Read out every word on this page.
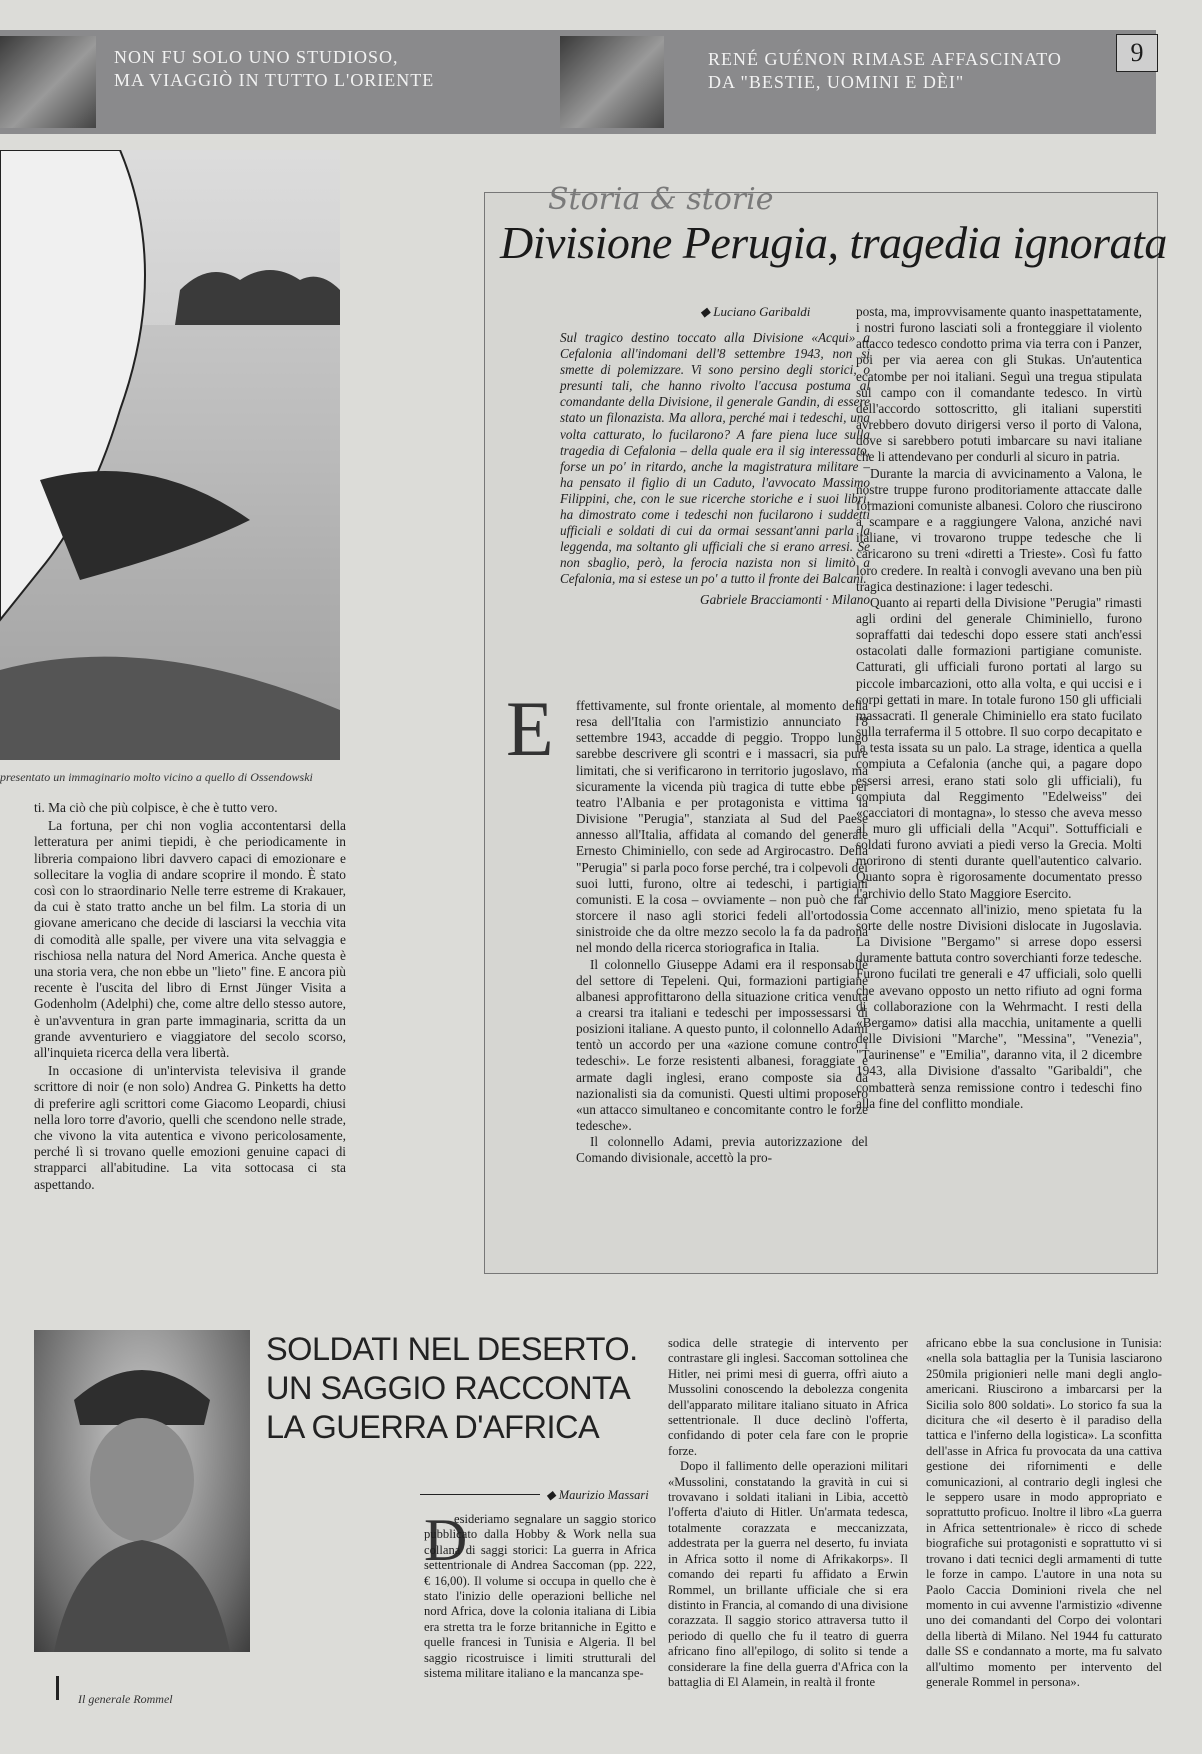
NON FU SOLO UNO STUDIOSO,
MA VIAGGIÒ IN TUTTO L'ORIENTE
RENÉ GUÉNON RIMASE AFFASCINATO
DA "BESTIE, UOMINI E DÈI"
9
presentato un immaginario molto vicino a quello di Ossendowski

ti. Ma ciò che più colpisce, è che è tutto vero.

La fortuna, per chi non voglia accontentarsi della letteratura per animi tiepidi, è che periodicamente in libreria compaiono libri davvero capaci di emozionare e sollecitare la voglia di andare scoprire il mondo. È stato così con lo straordinario Nelle terre estreme di Krakauer, da cui è stato tratto anche un bel film. La storia di un giovane americano che decide di lasciarsi la vecchia vita di comodità alle spalle, per vivere una vita selvaggia e rischiosa nella natura del Nord America. Anche questa è una storia vera, che non ebbe un "lieto" fine. E ancora più recente è l'uscita del libro di Ernst Jünger Visita a Godenholm (Adelphi) che, come altre dello stesso autore, è un'avventura in gran parte immaginaria, scritta da un grande avventuriero e viaggiatore del secolo scorso, all'inquieta ricerca della vera libertà.

In occasione di un'intervista televisiva il grande scrittore di noir (e non solo) Andrea G. Pinketts ha detto di preferire agli scrittori come Giacomo Leopardi, chiusi nella loro torre d'avorio, quelli che scendono nelle strade, che vivono la vita autentica e vivono pericolosamente, perché lì si trovano quelle emozioni genuine capaci di strapparci all'abitudine. La vita sottocasa ci sta aspettando.

Storia & storie
Divisione Perugia, tragedia ignorata
◆ Luciano Garibaldi
Sul tragico destino toccato alla Divisione «Acqui» a Cefalonia all'indomani dell'8 settembre 1943, non si smette di polemizzare. Vi sono persino degli storici, o presunti tali, che hanno rivolto l'accusa postuma al comandante della Divisione, il generale Gandin, di essere stato un filonazista. Ma allora, perché mai i tedeschi, una volta catturato, lo fucilarono? A fare piena luce sulla tragedia di Cefalonia – della quale era il sig interessato, forse un po' in ritardo, anche la magistratura militare – ha pensato il figlio di un Caduto, l'avvocato Massimo Filippini, che, con le sue ricerche storiche e i suoi libri, ha dimostrato come i tedeschi non fucilarono i suddetti ufficiali e soldati di cui da ormai sessant'anni parla la leggenda, ma soltanto gli ufficiali che si erano arresi. Se non sbaglio, però, la ferocia nazista non si limitò a Cefalonia, ma si estese un po' a tutto il fronte dei Balcani.
Gabriele Bracciamonti · Milano
E ffettivamente, sul fronte orientale, al momento della resa dell'Italia con l'armistizio annunciato l'8 settembre 1943, accadde di peggio. Troppo lungo sarebbe descrivere gli scontri e i massacri, sia pure limitati, che si verificarono in territorio jugoslavo, ma sicuramente la vicenda più tragica di tutte ebbe per teatro l'Albania e per protagonista e vittima la Divisione "Perugia", stanziata al Sud del Paese annesso all'Italia, affidata al comando del generale Ernesto Chiminiello, con sede ad Argirocastro. Della "Perugia" si parla poco forse perché, tra i colpevoli dei suoi lutti, furono, oltre ai tedeschi, i partigiani comunisti. E la cosa – ovviamente – non può che far storcere il naso agli storici fedeli all'ortodossia sinistroide che da oltre mezzo secolo la fa da padrona nel mondo della ricerca storiografica in Italia.

Il colonnello Giuseppe Adami era il responsabile del settore di Tepeleni. Qui, formazioni partigiane albanesi approfittarono della situazione critica venuta a crearsi tra italiani e tedeschi per impossessarsi di posizioni italiane. A questo punto, il colonnello Adami tentò un accordo per una «azione comune contro i tedeschi». Le forze resistenti albanesi, foraggiate e armate dagli inglesi, erano composte sia da nazionalisti sia da comunisti. Questi ultimi proposero «un attacco simultaneo e concomitante contro le forze tedesche».

Il colonnello Adami, previa autorizzazione del Comando divisionale, accettò la pro-

posta, ma, improvvisamente quanto inaspettatamente, i nostri furono lasciati soli a fronteggiare il violento attacco tedesco condotto prima via terra con i Panzer, poi per via aerea con gli Stukas. Un'autentica ecatombe per noi italiani. Seguì una tregua stipulata sul campo con il comandante tedesco. In virtù dell'accordo sottoscritto, gli italiani superstiti avrebbero dovuto dirigersi verso il porto di Valona, dove si sarebbero potuti imbarcare su navi italiane che li attendevano per condurli al sicuro in patria.

Durante la marcia di avvicinamento a Valona, le nostre truppe furono proditoriamente attaccate dalle formazioni comuniste albanesi. Coloro che riuscirono a scampare e a raggiungere Valona, anziché navi italiane, vi trovarono truppe tedesche che li caricarono su treni «diretti a Trieste». Così fu fatto loro credere. In realtà i convogli avevano una ben più tragica destinazione: i lager tedeschi.

Quanto ai reparti della Divisione "Perugia" rimasti agli ordini del generale Chiminiello, furono sopraffatti dai tedeschi dopo essere stati anch'essi ostacolati dalle formazioni partigiane comuniste. Catturati, gli ufficiali furono portati al largo su piccole imbarcazioni, otto alla volta, e qui uccisi e i corpi gettati in mare. In totale furono 150 gli ufficiali massacrati. Il generale Chiminiello era stato fucilato sulla terraferma il 5 ottobre. Il suo corpo decapitato e la testa issata su un palo. La strage, identica a quella compiuta a Cefalonia (anche qui, a pagare dopo essersi arresi, erano stati solo gli ufficiali), fu compiuta dal Reggimento "Edelweiss" dei «cacciatori di montagna», lo stesso che aveva messo al muro gli ufficiali della "Acqui". Sottufficiali e soldati furono avviati a piedi verso la Grecia. Molti morirono di stenti durante quell'autentico calvario. Quanto sopra è rigorosamente documentato presso l'archivio dello Stato Maggiore Esercito.

Come accennato all'inizio, meno spietata fu la sorte delle nostre Divisioni dislocate in Jugoslavia. La Divisione "Bergamo" si arrese dopo essersi duramente battuta contro soverchianti forze tedesche. Furono fucilati tre generali e 47 ufficiali, solo quelli che avevano opposto un netto rifiuto ad ogni forma di collaborazione con la Wehrmacht. I resti della «Bergamo» datisi alla macchia, unitamente a quelli delle Divisioni "Marche", "Messina", "Venezia", "Taurinense" e "Emilia", daranno vita, il 2 dicembre 1943, alla Divisione d'assalto "Garibaldi", che combatterà senza remissione contro i tedeschi fino alla fine del conflitto mondiale.

Il generale Rommel
SOLDATI NEL DESERTO.
UN SAGGIO RACCONTA
LA GUERRA D'AFRICA
◆ Maurizio Massari
D
esideriamo segnalare un saggio storico pubblicato dalla Hobby & Work nella sua collana di saggi storici: La guerra in Africa settentrionale di Andrea Saccoman (pp. 222, € 16,00). Il volume si occupa in quello che è stato l'inizio delle operazioni belliche nel nord Africa, dove la colonia italiana di Libia era stretta tra le forze britanniche in Egitto e quelle francesi in Tunisia e Algeria. Il bel saggio ricostruisce i limiti strutturali del sistema militare italiano e la mancanza spe-

sodica delle strategie di intervento per contrastare gli inglesi. Saccoman sottolinea che Hitler, nei primi mesi di guerra, offrì aiuto a Mussolini conoscendo la debolezza congenita dell'apparato militare italiano situato in Africa settentrionale. Il duce declinò l'offerta, confidando di poter cela fare con le proprie forze.

Dopo il fallimento delle operazioni militari «Mussolini, constatando la gravità in cui si trovavano i soldati italiani in Libia, accettò l'offerta d'aiuto di Hitler. Un'armata tedesca, totalmente corazzata e meccanizzata, addestrata per la guerra nel deserto, fu inviata in Africa sotto il nome di Afrikakorps». Il comando dei reparti fu affidato a Erwin Rommel, un brillante ufficiale che si era distinto in Francia, al comando di una divisione corazzata. Il saggio storico attraversa tutto il periodo di quello che fu il teatro di guerra africano fino all'epilogo, di solito si tende a considerare la fine della guerra d'Africa con la battaglia di El Alamein, in realtà il fronte

africano ebbe la sua conclusione in Tunisia: «nella sola battaglia per la Tunisia lasciarono 250mila prigionieri nelle mani degli anglo-americani. Riuscirono a imbarcarsi per la Sicilia solo 800 soldati». Lo storico fa sua la dicitura che «il deserto è il paradiso della tattica e l'inferno della logistica». La sconfitta dell'asse in Africa fu provocata da una cattiva gestione dei rifornimenti e delle comunicazioni, al contrario degli inglesi che le seppero usare in modo appropriato e soprattutto proficuo. Inoltre il libro «La guerra in Africa settentrionale» è ricco di schede biografiche sui protagonisti e soprattutto vi si trovano i dati tecnici degli armamenti di tutte le forze in campo. L'autore in una nota su Paolo Caccia Dominioni rivela che nel momento in cui avvenne l'armistizio «divenne uno dei comandanti del Corpo dei volontari della libertà di Milano. Nel 1944 fu catturato dalle SS e condannato a morte, ma fu salvato all'ultimo momento per intervento del generale Rommel in persona».
